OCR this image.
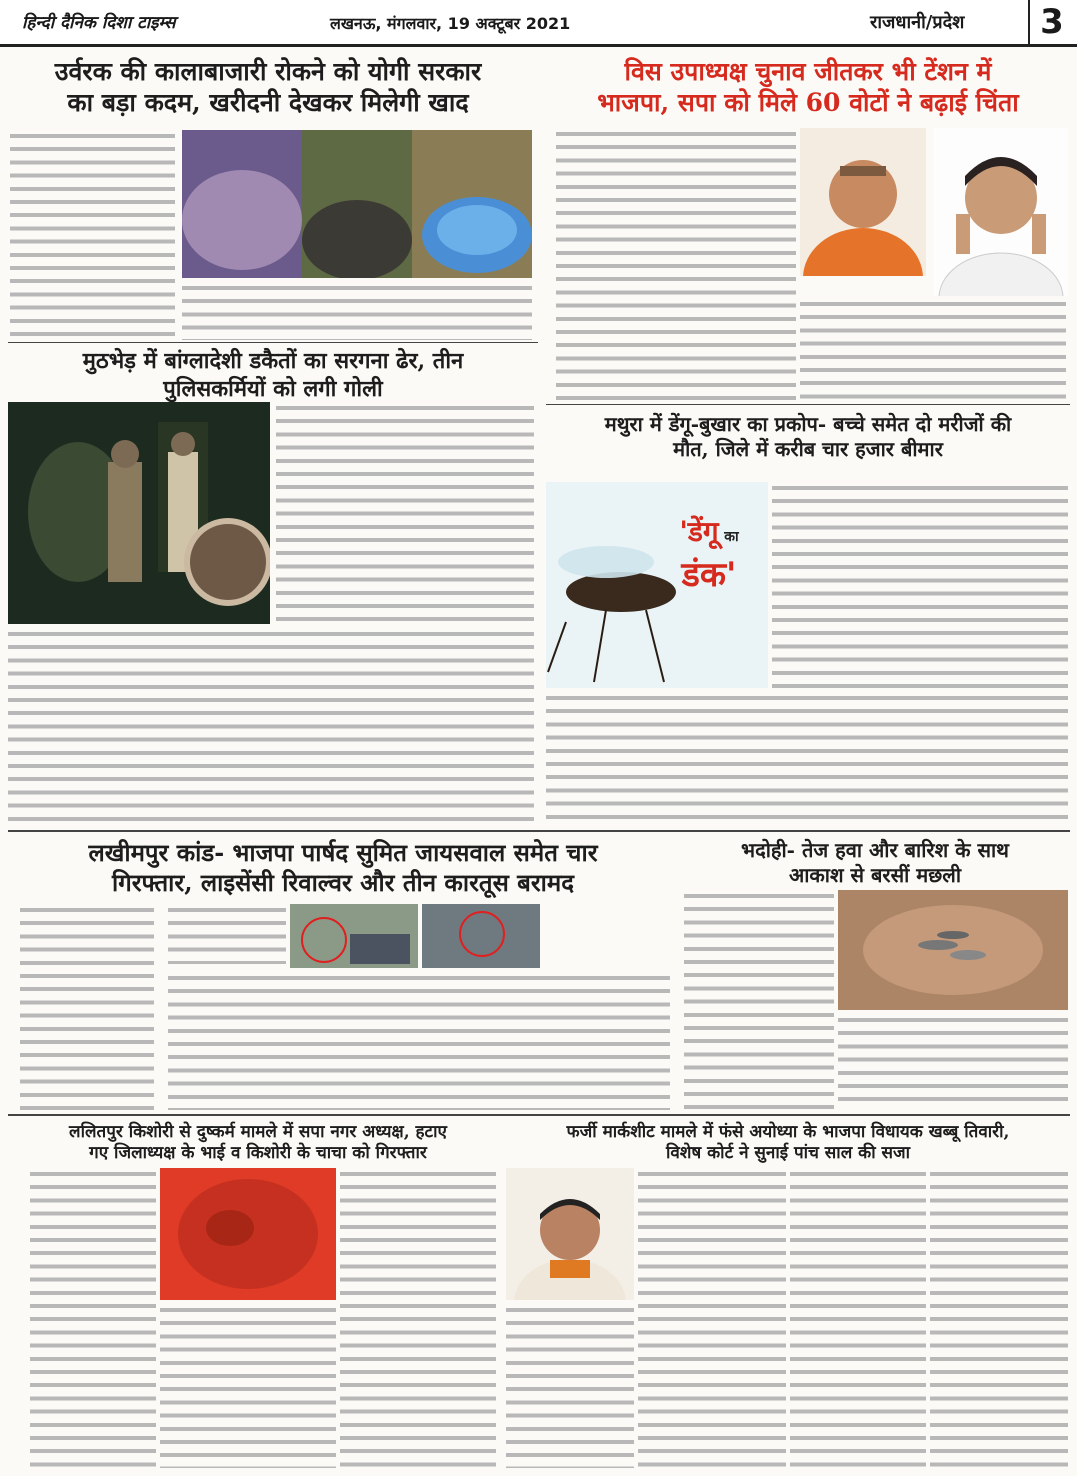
हिन्दी दैनिक दिशा टाइम्स	लखनऊ, मंगलवार, 19 अक्टूबर 2021	राजधानी/प्रदेश	3
उर्वरक की कालाबाजारी रोकने को योगी सरकार
का बड़ा कदम, खरीदनी देखकर मिलेगी खाद
मुठभेड़ में बांग्लादेशी डकैतों का सरगना ढेर, तीन
पुलिसकर्मियों को लगी गोली
विस उपाध्यक्ष चुनाव जीतकर भी टेंशन में
भाजपा, सपा को मिले 60 वोटों ने बढ़ाई चिंता
मथुरा में डेंगू-बुखार का प्रकोप- बच्चे समेत दो मरीजों की
मौत, जिले में करीब चार हजार बीमार
'डेंगू का
डंक'
लखीमपुर कांड- भाजपा पार्षद सुमित जायसवाल समेत चार
गिरफ्तार, लाइसेंसी रिवाल्वर और तीन कारतूस बरामद
भदोही- तेज हवा और बारिश के साथ
आकाश से बरसीं मछली
ललितपुर किशोरी से दुष्कर्म मामले में सपा नगर अध्यक्ष, हटाए
गए जिलाध्यक्ष के भाई व किशोरी के चाचा को गिरफ्तार
फर्जी मार्कशीट मामले में फंसे अयोध्या के भाजपा विधायक खब्बू तिवारी,
विशेष कोर्ट ने सुनाई पांच साल की सजा
